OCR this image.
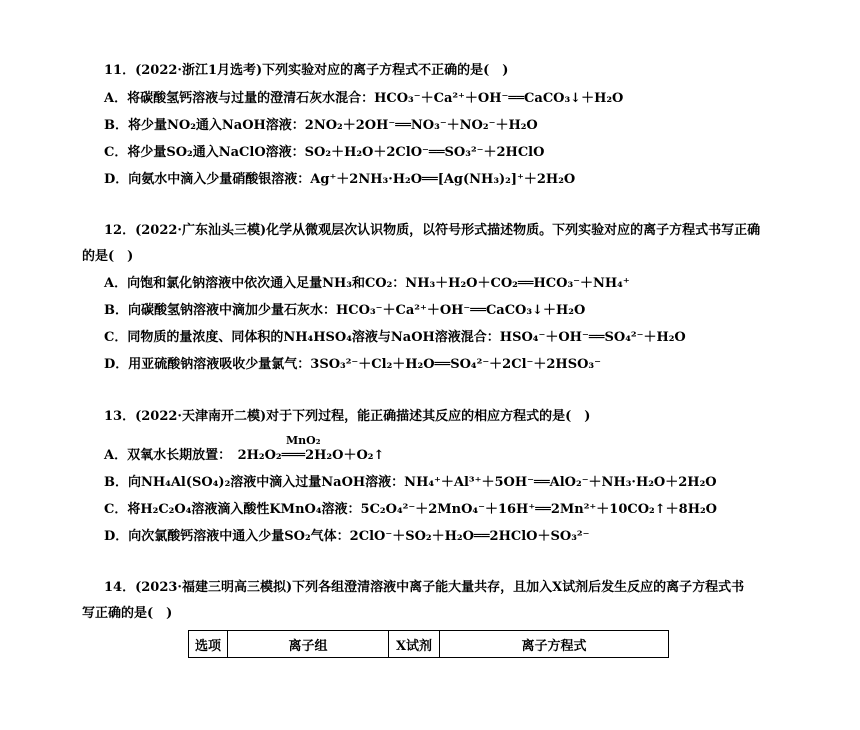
11．(2022·浙江1月选考)下列实验对应的离子方程式不正确的是(　)
A．将碳酸氢钙溶液与过量的澄清石灰水混合：HCO₃⁻＋Ca²⁺＋OH⁻══CaCO₃↓＋H₂O
B．将少量NO₂通入NaOH溶液：2NO₂＋2OH⁻══NO₃⁻＋NO₂⁻＋H₂O
C．将少量SO₂通入NaClO溶液：SO₂＋H₂O＋2ClO⁻══SO₃²⁻＋2HClO
D．向氨水中滴入少量硝酸银溶液：Ag⁺＋2NH₃·H₂O══[Ag(NH₃)₂]⁺＋2H₂O
12．(2022·广东汕头三模)化学从微观层次认识物质，以符号形式描述物质。下列实验对应的离子方程式书写正确
的是(　)
A．向饱和氯化钠溶液中依次通入足量NH₃和CO₂：NH₃＋H₂O＋CO₂══HCO₃⁻＋NH₄⁺
B．向碳酸氢钠溶液中滴加少量石灰水：HCO₃⁻＋Ca²⁺＋OH⁻══CaCO₃↓＋H₂O
C．同物质的量浓度、同体积的NH₄HSO₄溶液与NaOH溶液混合：HSO₄⁻＋OH⁻══SO₄²⁻＋H₂O
D．用亚硫酸钠溶液吸收少量氯气：3SO₃²⁻＋Cl₂＋H₂O══SO₄²⁻＋2Cl⁻＋2HSO₃⁻
13．(2022·天津南开二模)对于下列过程，能正确描述其反应的相应方程式的是(　)
MnO₂
A．双氧水长期放置：　2H₂O₂═══2H₂O＋O₂↑
B．向NH₄Al(SO₄)₂溶液中滴入过量NaOH溶液：NH₄⁺＋Al³⁺＋5OH⁻══AlO₂⁻＋NH₃·H₂O＋2H₂O
C．将H₂C₂O₄溶液滴入酸性KMnO₄溶液：5C₂O₄²⁻＋2MnO₄⁻＋16H⁺══2Mn²⁺＋10CO₂↑＋8H₂O
D．向次氯酸钙溶液中通入少量SO₂气体：2ClO⁻＋SO₂＋H₂O══2HClO＋SO₃²⁻
14．(2023·福建三明高三模拟)下列各组澄清溶液中离子能大量共存，且加入X试剂后发生反应的离子方程式书
写正确的是(　)
选项	离子组	X试剂	离子方程式
